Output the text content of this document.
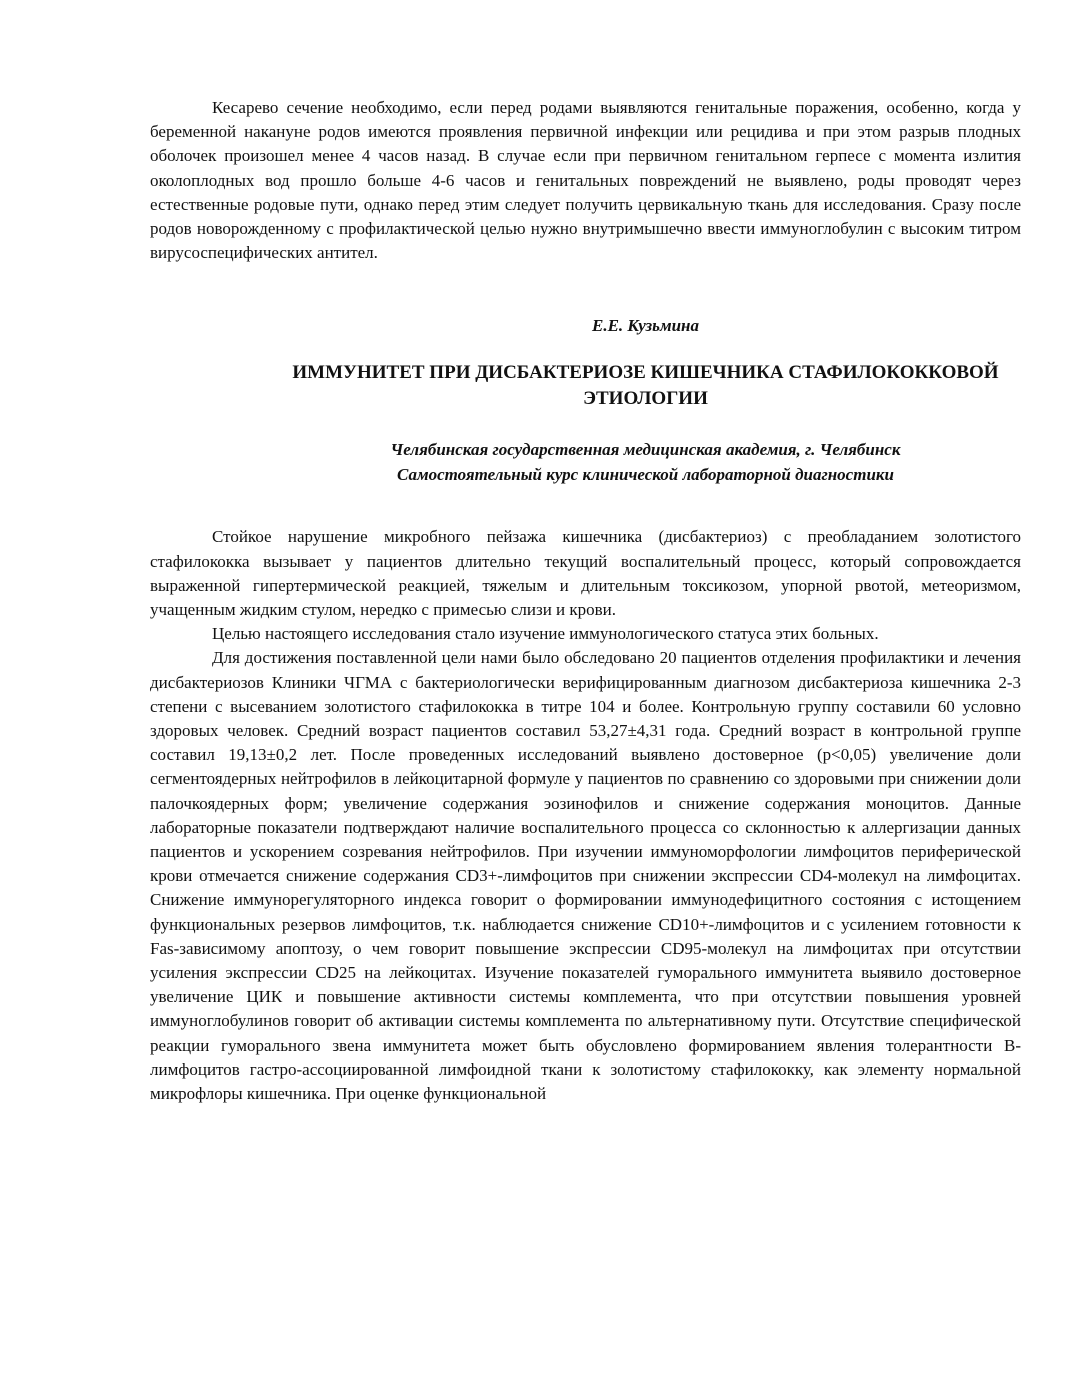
Кесарево сечение необходимо, если перед родами выявляются генитальные поражения, особенно, когда у беременной накануне родов имеются проявления первичной инфекции или рецидива и при этом разрыв плодных оболочек произошел менее 4 часов назад. В случае если при первичном генитальном герпесе с момента излития околоплодных вод прошло больше 4-6 часов и генитальных повреждений не выявлено, роды проводят через естественные родовые пути, однако перед этим следует получить цервикальную ткань для исследования. Сразу после родов новорожденному с профилактической целью нужно внутримышечно ввести иммуноглобулин с высоким титром вирусоспецифических антител.

Е.Е. Кузьмина
ИММУНИТЕТ ПРИ ДИСБАКТЕРИОЗЕ КИШЕЧНИКА СТАФИЛОКОККОВОЙ ЭТИОЛОГИИ
Челябинская государственная медицинская академия, г. Челябинск
Самостоятельный курс клинической лабораторной диагностики

Стойкое нарушение микробного пейзажа кишечника (дисбактериоз) с преобладанием золотистого стафилококка вызывает у пациентов длительно текущий воспалительный процесс, который сопровождается выраженной гипертермической реакцией, тяжелым и длительным токсикозом, упорной рвотой, метеоризмом, учащенным жидким стулом, нередко с примесью слизи и крови.

Целью настоящего исследования стало изучение иммунологического статуса этих больных.

Для достижения поставленной цели нами было обследовано 20 пациентов отделения профилактики и лечения дисбактериозов Клиники ЧГМА с бактериологически верифицированным диагнозом дисбактериоза кишечника 2-3 степени с высеванием золотистого стафилококка в титре 104 и более. Контрольную группу составили 60 условно здоровых человек. Средний возраст пациентов составил 53,27±4,31 года. Средний возраст в контрольной группе составил 19,13±0,2 лет. После проведенных исследований выявлено достоверное (p<0,05) увеличение доли сегментоядерных нейтрофилов в лейкоцитарной формуле у пациентов по сравнению со здоровыми при снижении доли палочкоядерных форм; увеличение содержания эозинофилов и снижение содержания моноцитов. Данные лабораторные показатели подтверждают наличие воспалительного процесса со склонностью к аллергизации данных пациентов и ускорением созревания нейтрофилов. При изучении иммуноморфологии лимфоцитов периферической крови отмечается снижение содержания CD3+-лимфоцитов при снижении экспрессии CD4-молекул на лимфоцитах. Снижение иммунорегуляторного индекса говорит о формировании иммунодефицитного состояния с истощением функциональных резервов лимфоцитов, т.к. наблюдается снижение CD10+-лимфоцитов и с усилением готовности к Fas-зависимому апоптозу, о чем говорит повышение экспрессии CD95-молекул на лимфоцитах при отсутствии усиления экспрессии CD25 на лейкоцитах. Изучение показателей гуморального иммунитета выявило достоверное увеличение ЦИК и повышение активности системы комплемента, что при отсутствии повышения уровней иммуноглобулинов говорит об активации системы комплемента по альтернативному пути. Отсутствие специфической реакции гуморального звена иммунитета может быть обусловлено формированием явления толерантности В-лимфоцитов гастро-ассоциированной лимфоидной ткани к золотистому стафилококку, как элементу нормальной микрофлоры кишечника. При оценке функциональной
